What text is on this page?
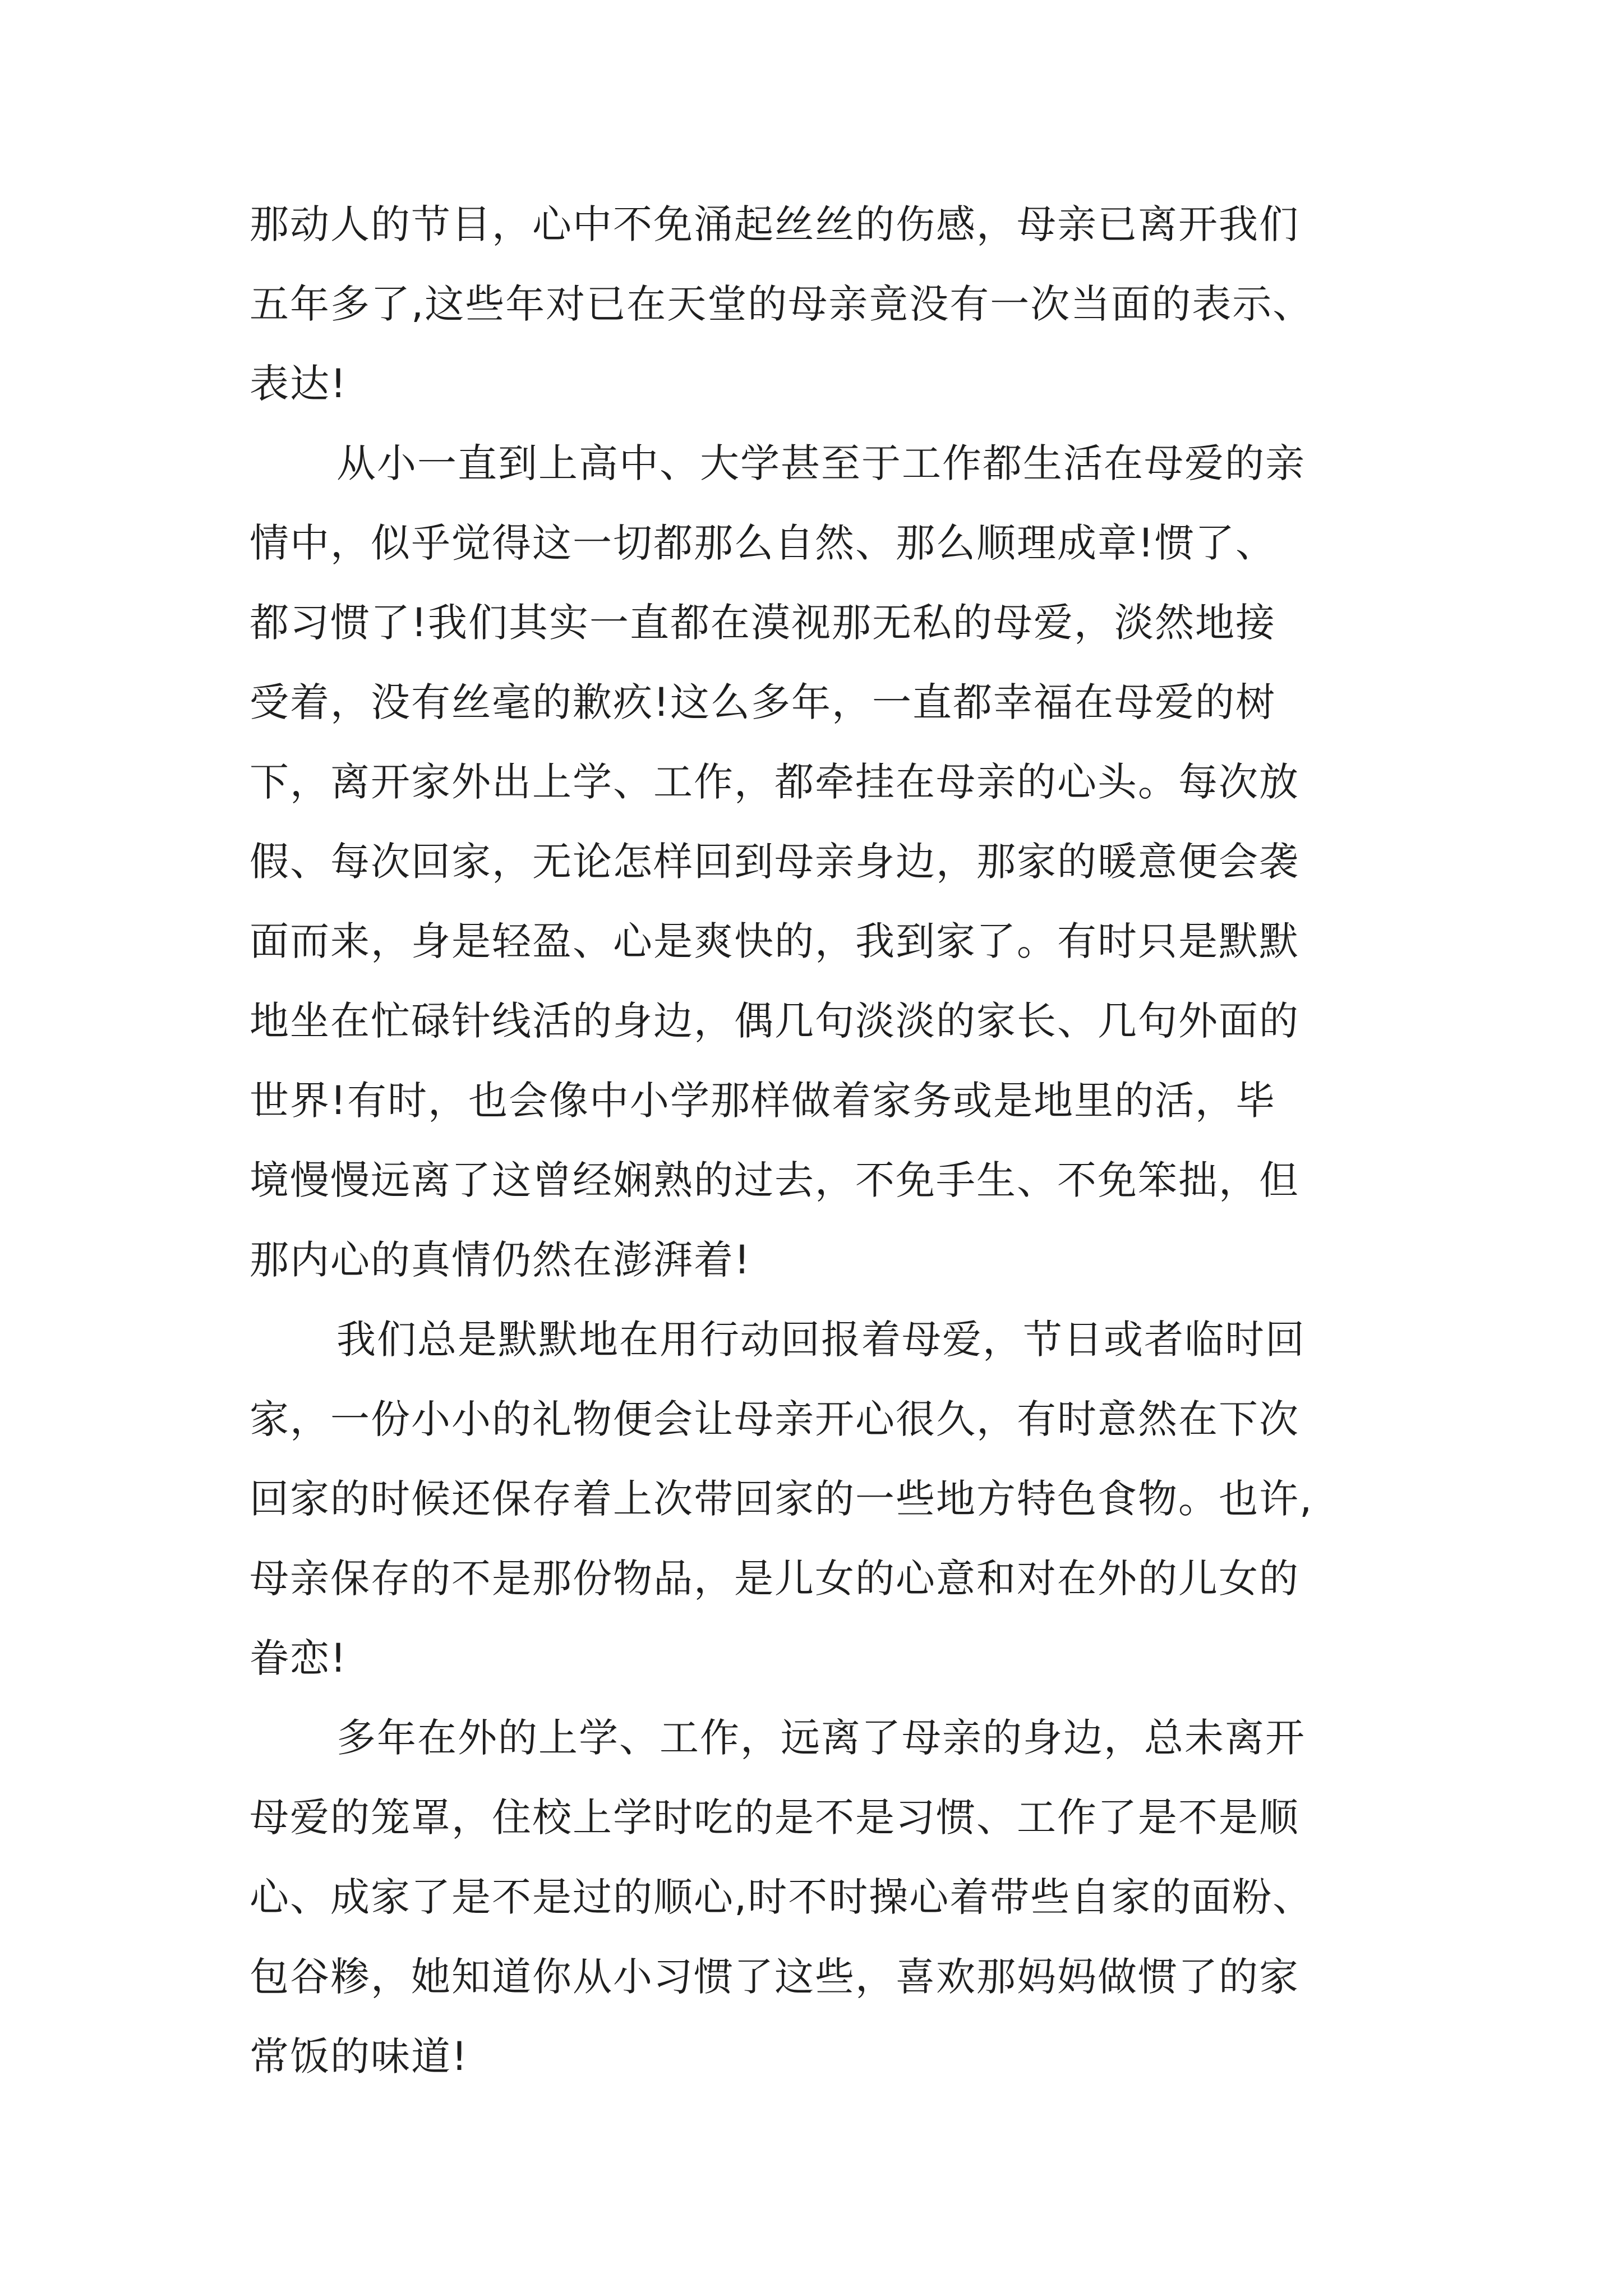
那动人的节目，心中不免涌起丝丝的伤感，母亲已离开我们
五年多了,这些年对已在天堂的母亲竟没有一次当面的表示、
表达!
从小一直到上高中、大学甚至于工作都生活在母爱的亲
情中，似乎觉得这一切都那么自然、那么顺理成章!惯了、
都习惯了!我们其实一直都在漠视那无私的母爱，淡然地接
受着，没有丝毫的歉疚!这么多年，一直都幸福在母爱的树
下，离开家外出上学、工作，都牵挂在母亲的心头。每次放
假、每次回家，无论怎样回到母亲身边，那家的暖意便会袭
面而来，身是轻盈、心是爽快的，我到家了。有时只是默默
地坐在忙碌针线活的身边，偶几句淡淡的家长、几句外面的
世界!有时，也会像中小学那样做着家务或是地里的活，毕
境慢慢远离了这曾经娴熟的过去，不免手生、不免笨拙，但
那内心的真情仍然在澎湃着!
我们总是默默地在用行动回报着母爱，节日或者临时回
家，一份小小的礼物便会让母亲开心很久，有时意然在下次
回家的时候还保存着上次带回家的一些地方特色食物。也许,
母亲保存的不是那份物品，是儿女的心意和对在外的儿女的
眷恋!
多年在外的上学、工作，远离了母亲的身边，总未离开
母爱的笼罩，住校上学时吃的是不是习惯、工作了是不是顺
心、成家了是不是过的顺心,时不时操心着带些自家的面粉、
包谷糁，她知道你从小习惯了这些，喜欢那妈妈做惯了的家
常饭的味道!
